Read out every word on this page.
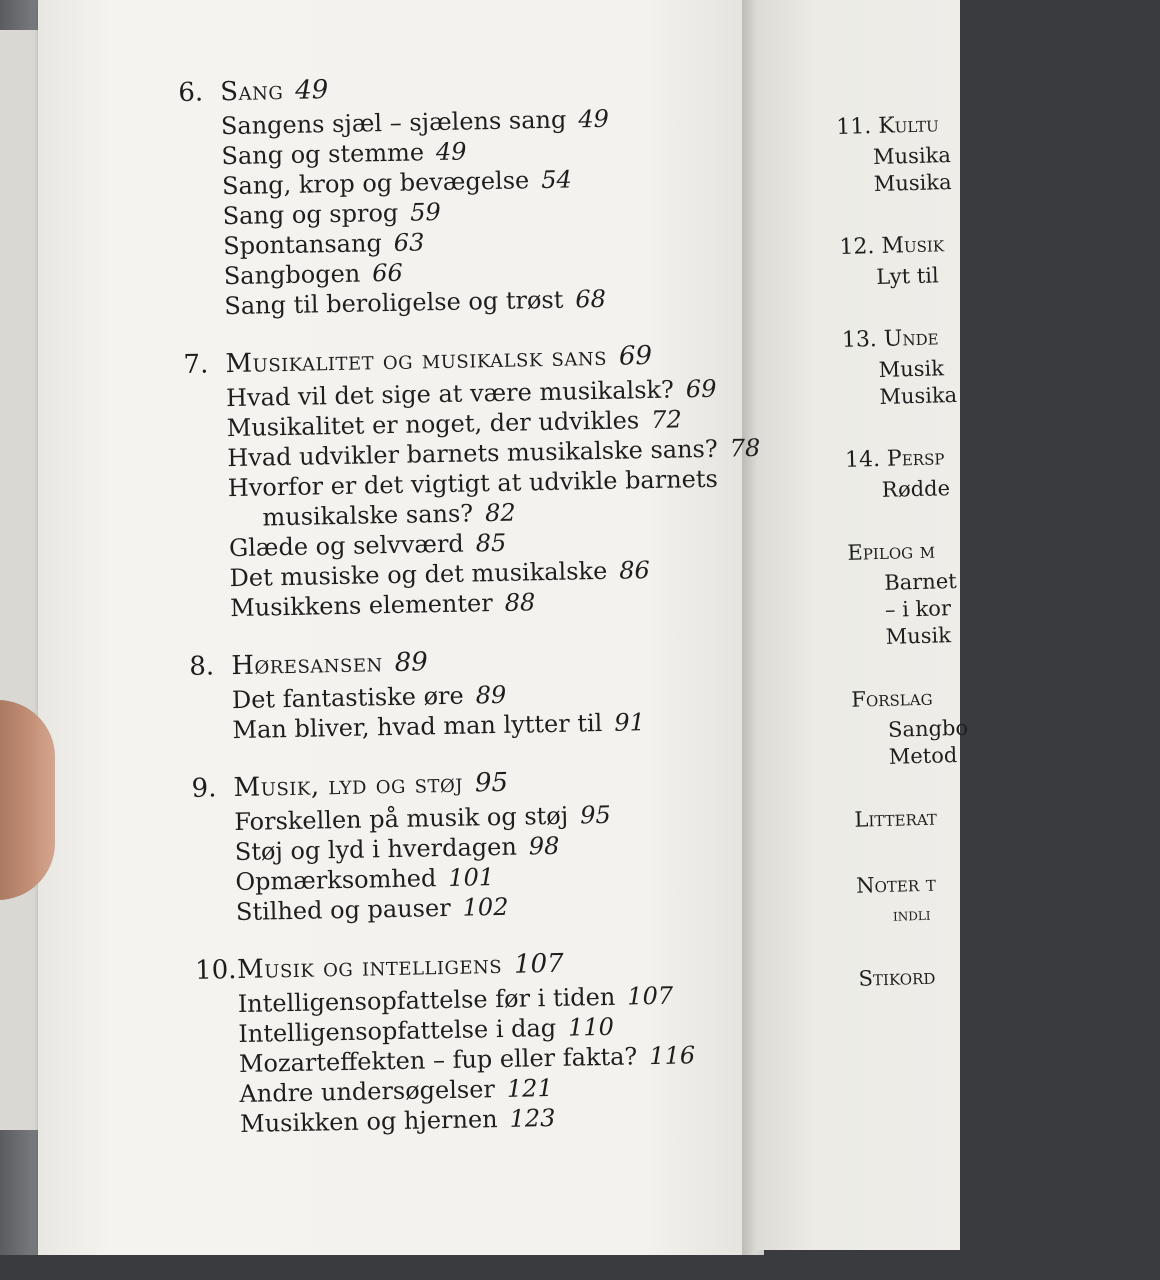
11. Kultu
Musika
Musika
12. Musik
Lyt til
13. Unde
Musik
Musika
14. Persp
Rødde
Epilog m
Barnet
– i kor
Musik
Forslag
Sangbo
Metod
Litterat
Noter t
indli
Stikord
6. Sang 49
Sangens sjæl – sjælens sang 49
Sang og stemme 49
Sang, krop og bevægelse 54
Sang og sprog 59
Spontansang 63
Sangbogen 66
Sang til beroligelse og trøst 68
7. Musikalitet og musikalsk sans 69
Hvad vil det sige at være musikalsk? 69
Musikalitet er noget, der udvikles 72
Hvad udvikler barnets musikalske sans? 78
Hvorfor er det vigtigt at udvikle barnets
musikalske sans? 82
Glæde og selvværd 85
Det musiske og det musikalske 86
Musikkens elementer 88
8. Høresansen 89
Det fantastiske øre 89
Man bliver, hvad man lytter til 91
9. Musik, lyd og støj 95
Forskellen på musik og støj 95
Støj og lyd i hverdagen 98
Opmærksomhed 101
Stilhed og pauser 102
10. Musik og intelligens 107
Intelligensopfattelse før i tiden 107
Intelligensopfattelse i dag 110
Mozarteffekten – fup eller fakta? 116
Andre undersøgelser 121
Musikken og hjernen 123
